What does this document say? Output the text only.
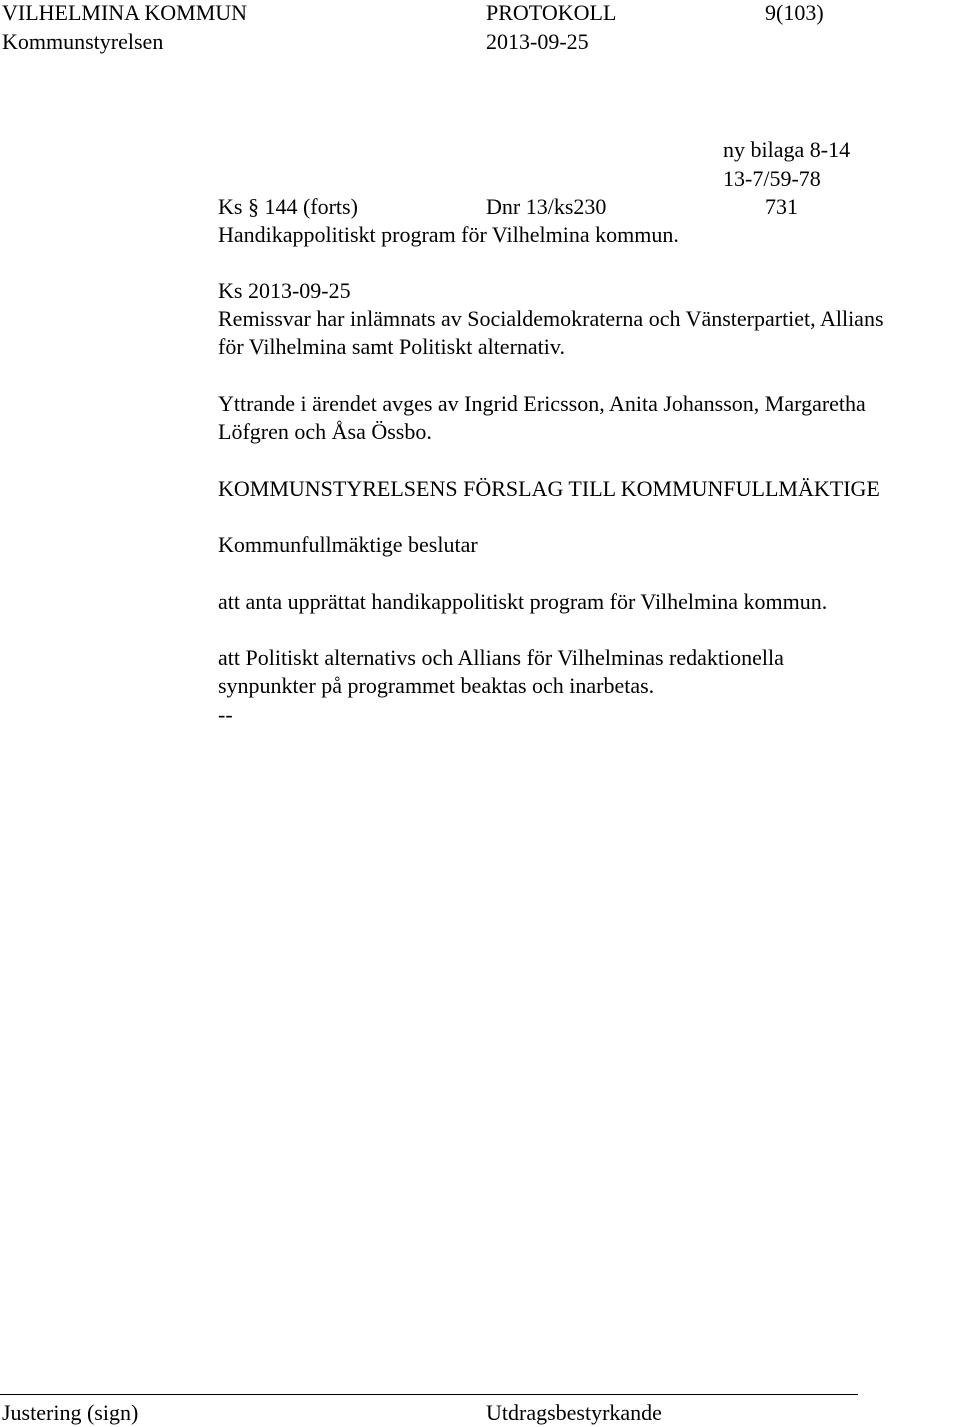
VILHELMINA KOMMUN	PROTOKOLL	9(103)
Kommunstyrelsen	2013-09-25
ny bilaga 8-14
13-7/59-78
Ks § 144 (forts)	Dnr 13/ks230	731
Handikappolitiskt program för Vilhelmina kommun.
Ks 2013-09-25
Remissvar har inlämnats av Socialdemokraterna och Vänsterpartiet, Allians
för Vilhelmina samt Politiskt alternativ.
Yttrande i ärendet avges av Ingrid Ericsson, Anita Johansson, Margaretha
Löfgren och Åsa Össbo.
KOMMUNSTYRELSENS FÖRSLAG TILL KOMMUNFULLMÄKTIGE
Kommunfullmäktige beslutar
att anta upprättat handikappolitiskt program för Vilhelmina kommun.
att Politiskt alternativs och Allians för Vilhelminas redaktionella
synpunkter på programmet beaktas och inarbetas.
--
Justering (sign)	Utdragsbestyrkande
